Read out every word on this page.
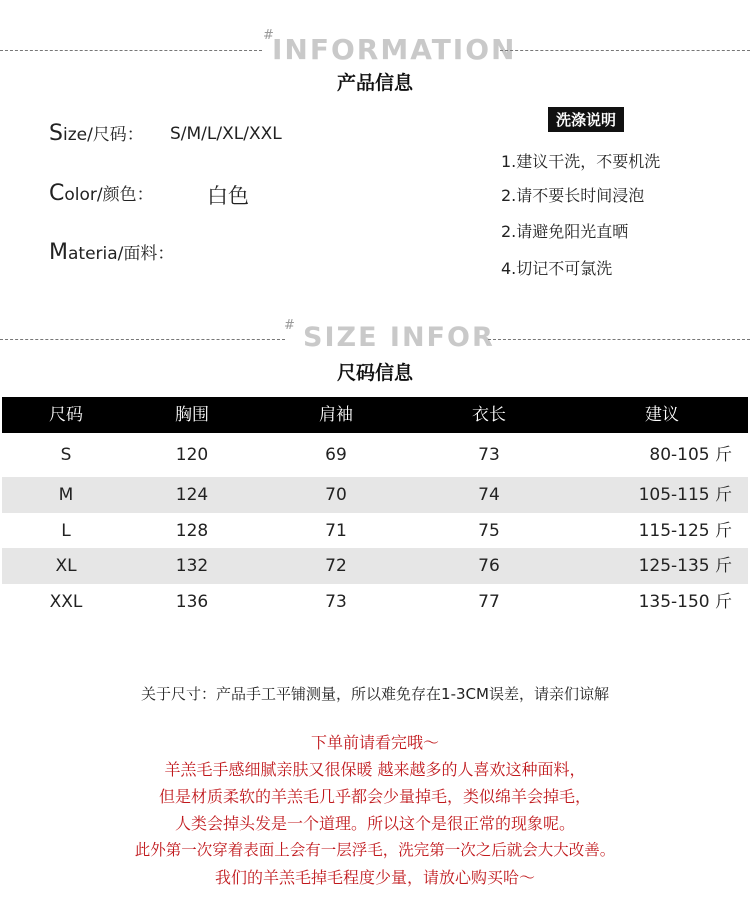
#
INFORMATION
产品信息
Size/尺码： S/M/L/XL/XXL
Color/颜色：	白色
Materia/面料：
洗涤说明
1.建议干洗，不要机洗
2.请不要长时间浸泡
2.请避免阳光直晒
4.切记不可氯洗
# SIZE INFOR
尺码信息
尺码	胸围	肩袖	衣长	建议
S	120	69	73	80-105 斤
M	124	70	74	105-115 斤
L	128	71	75	115-125 斤
XL	132	72	76	125-135 斤
XXL	136	73	77	135-150 斤
关于尺寸：产品手工平铺测量，所以难免存在1-3CM误差，请亲们谅解
下单前请看完哦～
羊羔毛手感细腻亲肤又很保暖 越来越多的人喜欢这种面料，
但是材质柔软的羊羔毛几乎都会少量掉毛，类似绵羊会掉毛，
人类会掉头发是一个道理。所以这个是很正常的现象呢。
此外第一次穿着表面上会有一层浮毛，洗完第一次之后就会大大改善。
我们的羊羔毛掉毛程度少量，请放心购买哈～
